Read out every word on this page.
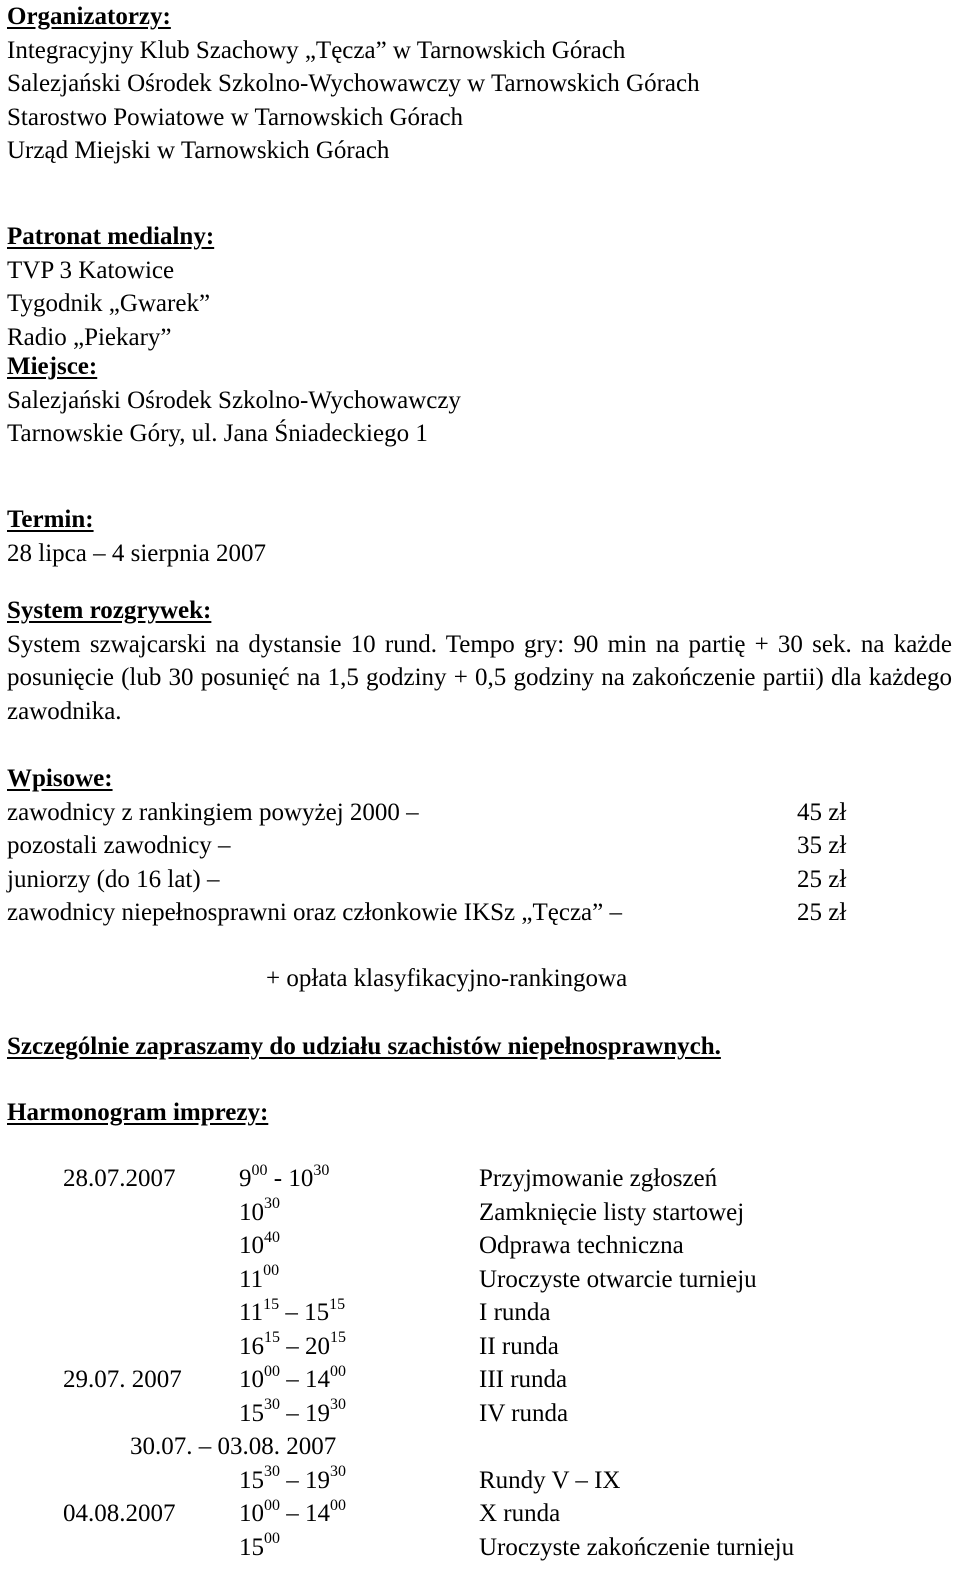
Organizatorzy:
Integracyjny Klub Szachowy „Tęcza” w Tarnowskich Górach
Salezjański Ośrodek Szkolno-Wychowawczy w Tarnowskich Górach
Starostwo Powiatowe w Tarnowskich Górach
Urząd Miejski w Tarnowskich Górach
Patronat medialny:
TVP 3 Katowice
Tygodnik „Gwarek”
Radio „Piekary”
Miejsce:
Salezjański Ośrodek Szkolno-Wychowawczy
Tarnowskie Góry, ul. Jana Śniadeckiego 1
Termin:
28 lipca – 4 sierpnia 2007
System rozgrywek:
System szwajcarski na dystansie 10 rund. Tempo gry: 90 min na partię + 30 sek. na każde posunięcie (lub 30 posunięć na 1,5 godziny + 0,5 godziny na zakończenie partii) dla każdego zawodnika.
Wpisowe:
zawodnicy z rankingiem powyżej 2000 –	45 zł
pozostali zawodnicy –	35 zł
juniorzy (do 16 lat) –	25 zł
zawodnicy niepełnosprawni oraz członkowie IKSz „Tęcza” –	25 zł
+ opłata klasyfikacyjno-rankingowa
Szczególnie zapraszamy do udziału szachistów niepełnosprawnych.
Harmonogram imprezy:
28.07.2007	$9^{00} - 10^{30}$	Przyjmowanie zgłoszeń
	$10^{30}$	Zamknięcie listy startowej
	$10^{40}$	Odprawa techniczna
	$11^{00}$	Uroczyste otwarcie turnieju
	$11^{15} - 15^{15}$	I runda
	$16^{15} - 20^{15}$	II runda
29.07. 2007	$10^{00} - 14^{00}$	III runda
	$15^{30} - 19^{30}$	IV runda
30.07. – 03.08. 2007		
	$15^{30} - 19^{30}$	Rundy V – IX
04.08.2007	$10^{00} - 14^{00}$	X runda
	$15^{00}$	Uroczyste zakończenie turnieju
